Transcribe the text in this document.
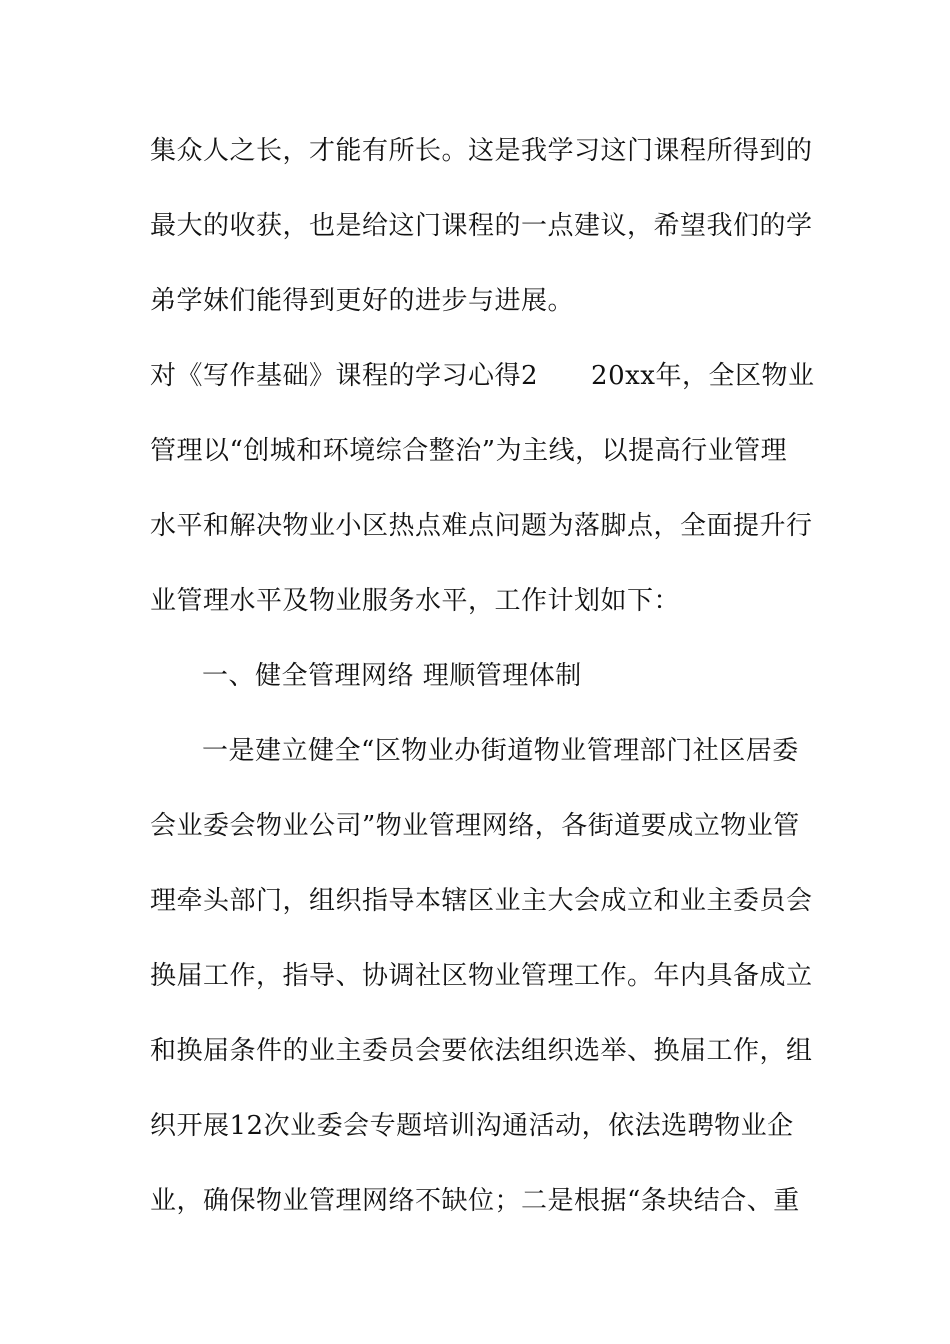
集众人之长，才能有所长。这是我学习这门课程所得到的
最大的收获，也是给这门课程的一点建议，希望我们的学
弟学妹们能得到更好的进步与进展。
对《写作基础》课程的学习心得2　　20xx年，全区物业
管理以“创城和环境综合整治”为主线，以提高行业管理
水平和解决物业小区热点难点问题为落脚点，全面提升行
业管理水平及物业服务水平，工作计划如下：
一、健全管理网络 理顺管理体制
一是建立健全“区物业办街道物业管理部门社区居委
会业委会物业公司”物业管理网络，各街道要成立物业管
理牵头部门，组织指导本辖区业主大会成立和业主委员会
换届工作，指导、协调社区物业管理工作。年内具备成立
和换届条件的业主委员会要依法组织选举、换届工作，组
织开展12次业委会专题培训沟通活动，依法选聘物业企
业，确保物业管理网络不缺位；二是根据“条块结合、重
